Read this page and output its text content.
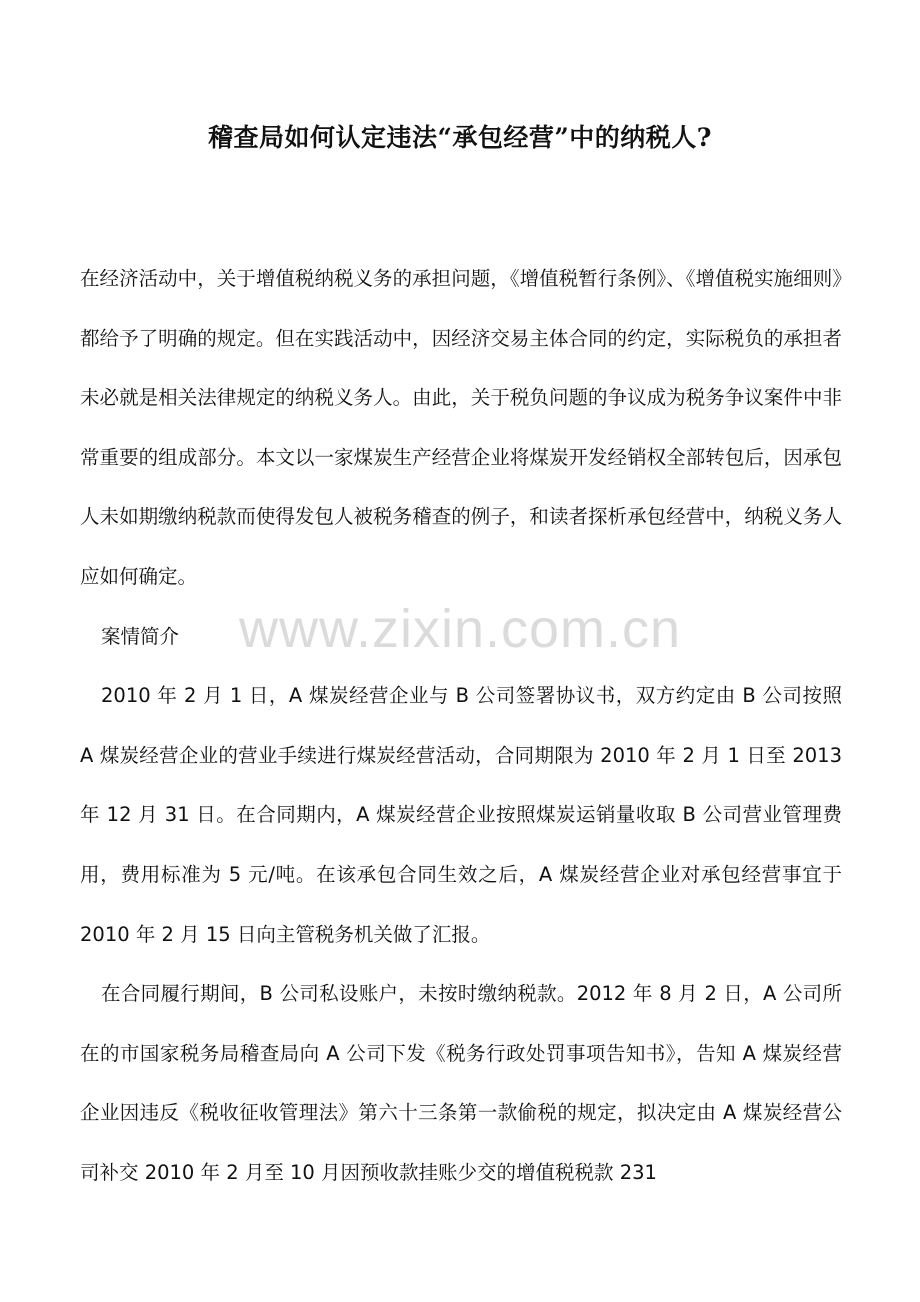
稽查局如何认定违法“承包经营”中的纳税人?

在经济活动中，关于增值税纳税义务的承担问题，《增值税暂行条例》、《增值税实施细则》都给予了明确的规定。但在实践活动中，因经济交易主体合同的约定，实际税负的承担者未必就是相关法律规定的纳税义务人。由此，关于税负问题的争议成为税务争议案件中非常重要的组成部分。本文以一家煤炭生产经营企业将煤炭开发经销权全部转包后，因承包人未如期缴纳税款而使得发包人被税务稽查的例子，和读者探析承包经营中，纳税义务人应如何确定。

案情简介

2010 年 2 月 1 日，A 煤炭经营企业与 B 公司签署协议书，双方约定由 B 公司按照 A 煤炭经营企业的营业手续进行煤炭经营活动，合同期限为 2010 年 2 月 1 日至 2013 年 12 月 31 日。在合同期内，A 煤炭经营企业按照煤炭运销量收取 B 公司营业管理费用，费用标准为 5 元/吨。在该承包合同生效之后，A 煤炭经营企业对承包经营事宜于 2010 年 2 月 15 日向主管税务机关做了汇报。

在合同履行期间，B 公司私设账户，未按时缴纳税款。2012 年 8 月 2 日，A 公司所在的市国家税务局稽查局向 A 公司下发《税务行政处罚事项告知书》，告知 A 煤炭经营企业因违反《税收征收管理法》第六十三条第一款偷税的规定，拟决定由 A 煤炭经营公司补交 2010 年 2 月至 10 月因预收款挂账少交的增值税税款 231

www.zixin.com.cn
